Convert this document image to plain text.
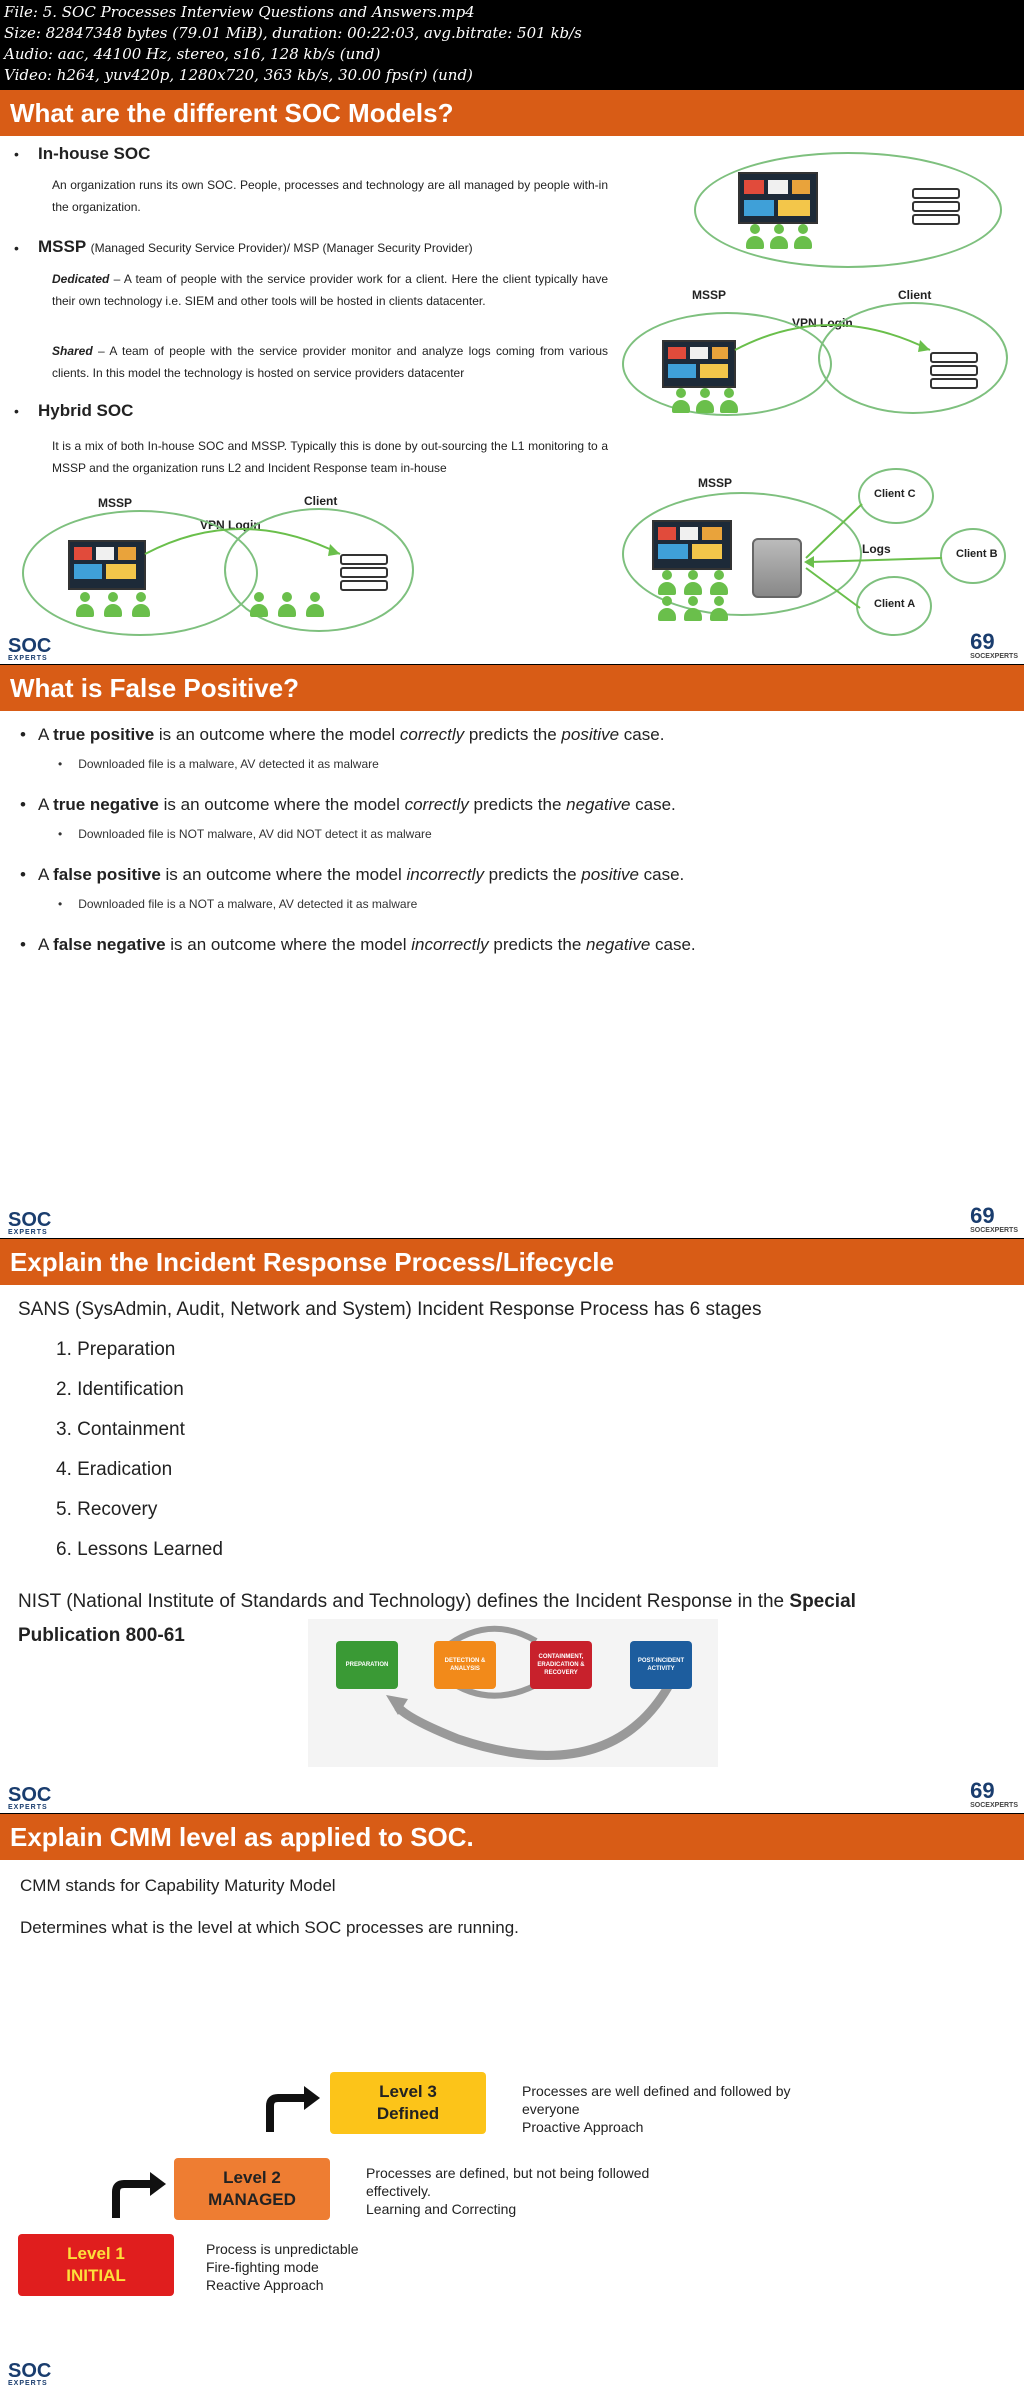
File: 5. SOC Processes Interview Questions and Answers.mp4
Size: 82847348 bytes (79.01 MiB), duration: 00:22:03, avg.bitrate: 501 kb/s
Audio: aac, 44100 Hz, stereo, s16, 128 kb/s (und)
Video: h264, yuv420p, 1280x720, 363 kb/s, 30.00 fps(r) (und)
What are the different SOC Models?
• In-house SOC
An organization runs its own SOC. People, processes and technology are all managed by people with-in the organization.
• MSSP (Managed Security Service Provider)/ MSP (Manager Security Provider)
Dedicated – A team of people with the service provider work for a client. Here the client typically have their own technology i.e. SIEM and other tools will be hosted in clients datacenter.
Shared – A team of people with the service provider monitor and analyze logs coming from various clients. In this model the technology is hosted on service providers datacenter
• Hybrid SOC
It is a mix of both In-house SOC and MSSP. Typically this is done by out-sourcing the L1 monitoring to a MSSP and the organization runs L2 and Incident Response team in-house
MSSP	Client
VPN Login
MSSP	Client
VPN Login
MSSP
Client C
Client B
Client A
Logs
SOC
EXPERTS
69
SOCEXPERTS
What is False Positive?
• A true positive is an outcome where the model correctly predicts the positive case.
• Downloaded file is a malware, AV detected it as malware
• A true negative is an outcome where the model correctly predicts the negative case.
• Downloaded file is NOT malware, AV did NOT detect it as malware
• A false positive is an outcome where the model incorrectly predicts the positive case.
• Downloaded file is a NOT a malware, AV detected it as malware
• A false negative is an outcome where the model incorrectly predicts the negative case.
SOC
EXPERTS
69
SOCEXPERTS
Explain the Incident Response Process/Lifecycle
SANS (SysAdmin, Audit, Network and System) Incident Response Process has 6 stages
1. Preparation
2. Identification
3. Containment
4. Eradication
5. Recovery
6. Lessons Learned
NIST (National Institute of Standards and Technology) defines the Incident Response in the Special
Publication 800-61
PREPARATION
DETECTION & ANALYSIS
CONTAINMENT, ERADICATION & RECOVERY
POST-INCIDENT ACTIVITY
SOC
EXPERTS
69
SOCEXPERTS
Explain CMM level as applied to SOC.
CMM stands for Capability Maturity Model
Determines what is the level at which SOC processes are running.
Level 1
INITIAL
Process is unpredictable
Fire-fighting mode
Reactive Approach
Level 2
MANAGED
Processes are defined, but not being followed
effectively.
Learning and Correcting
Level 3
Defined
Processes are well defined and followed by
everyone
Proactive Approach
SOC
EXPERTS
